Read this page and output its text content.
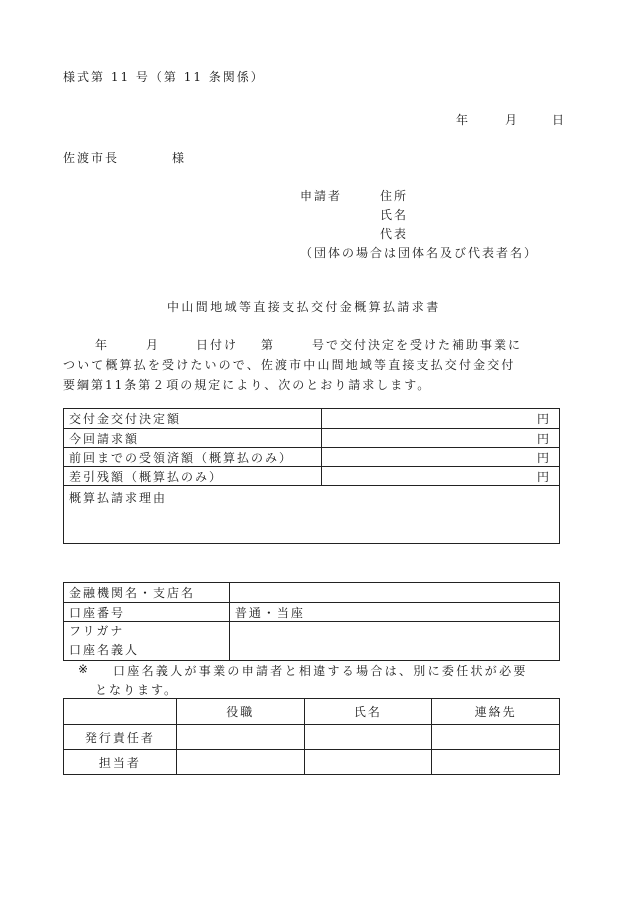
様式第 11 号（第 11 条関係）
年	月	日
佐渡市長	様
申請者	住所
氏名
代表
（団体の場合は団体名及び代表者名）
中山間地域等直接支払交付金概算払請求書
年	月	日付け 第	号で交付決定を受けた補助事業に
ついて概算払を受けたいので、佐渡市中山間地域等直接支払交付金交付
要綱第11条第２項の規定により、次のとおり請求します。
交付金交付決定額	円
今回請求額	円
前回までの受領済額（概算払のみ）	円
差引残額（概算払のみ）	円
概算払請求理由	
金融機関名・支店名	
口座番号	普通・当座

フリガナ
口座名義人	

※ 口座名義人が事業の申請者と相違する場合は、別に委任状が必要
となります。
	役職	氏名	連絡先
発行責任者			
担当者			
